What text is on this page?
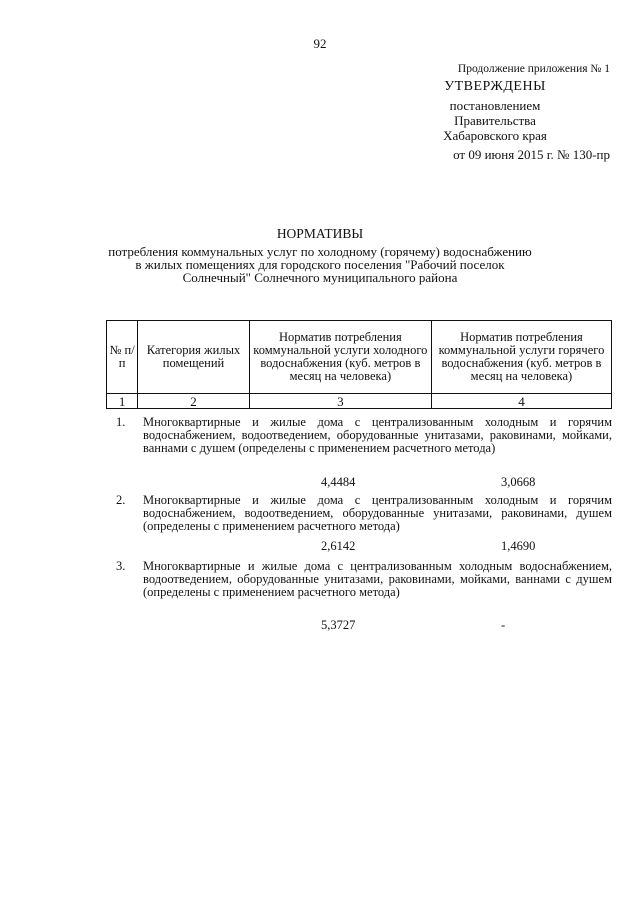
92
Продолжение приложения № 1
УТВЕРЖДЕНЫ
постановлением
Правительства
Хабаровского края
от 09 июня 2015 г. № 130-пр
НОРМАТИВЫ
потребления коммунальных услуг по холодному (горячему) водоснабжению в жилых помещениях для городского поселения "Рабочий поселок Солнечный" Солнечного муниципального района
№ п/п	Категория жилых помещений	Норматив потребления коммунальной услуги холодного водоснабжения (куб. метров в месяц на человека)	Норматив потребления коммунальной услуги горячего водоснабжения (куб. метров в месяц на человека)
1	2	3	4
1. Многоквартирные и жилые дома с централизованным холодным и горячим водоснабжением, водоотведением, оборудованные унитазами, раковинами, мойками, ваннами с душем (определены с применением расчетного метода)
4,4484	3,0668
2. Многоквартирные и жилые дома с централизованным холодным и горячим водоснабжением, водоотведением, оборудованные унитазами, раковинами, душем (определены с применением расчетного метода)
2,6142	1,4690
3. Многоквартирные и жилые дома с централизованным холодным водоснабжением, водоотведением, оборудованные унитазами, раковинами, мойками, ваннами с душем (определены с применением расчетного метода)
5,3727	-
